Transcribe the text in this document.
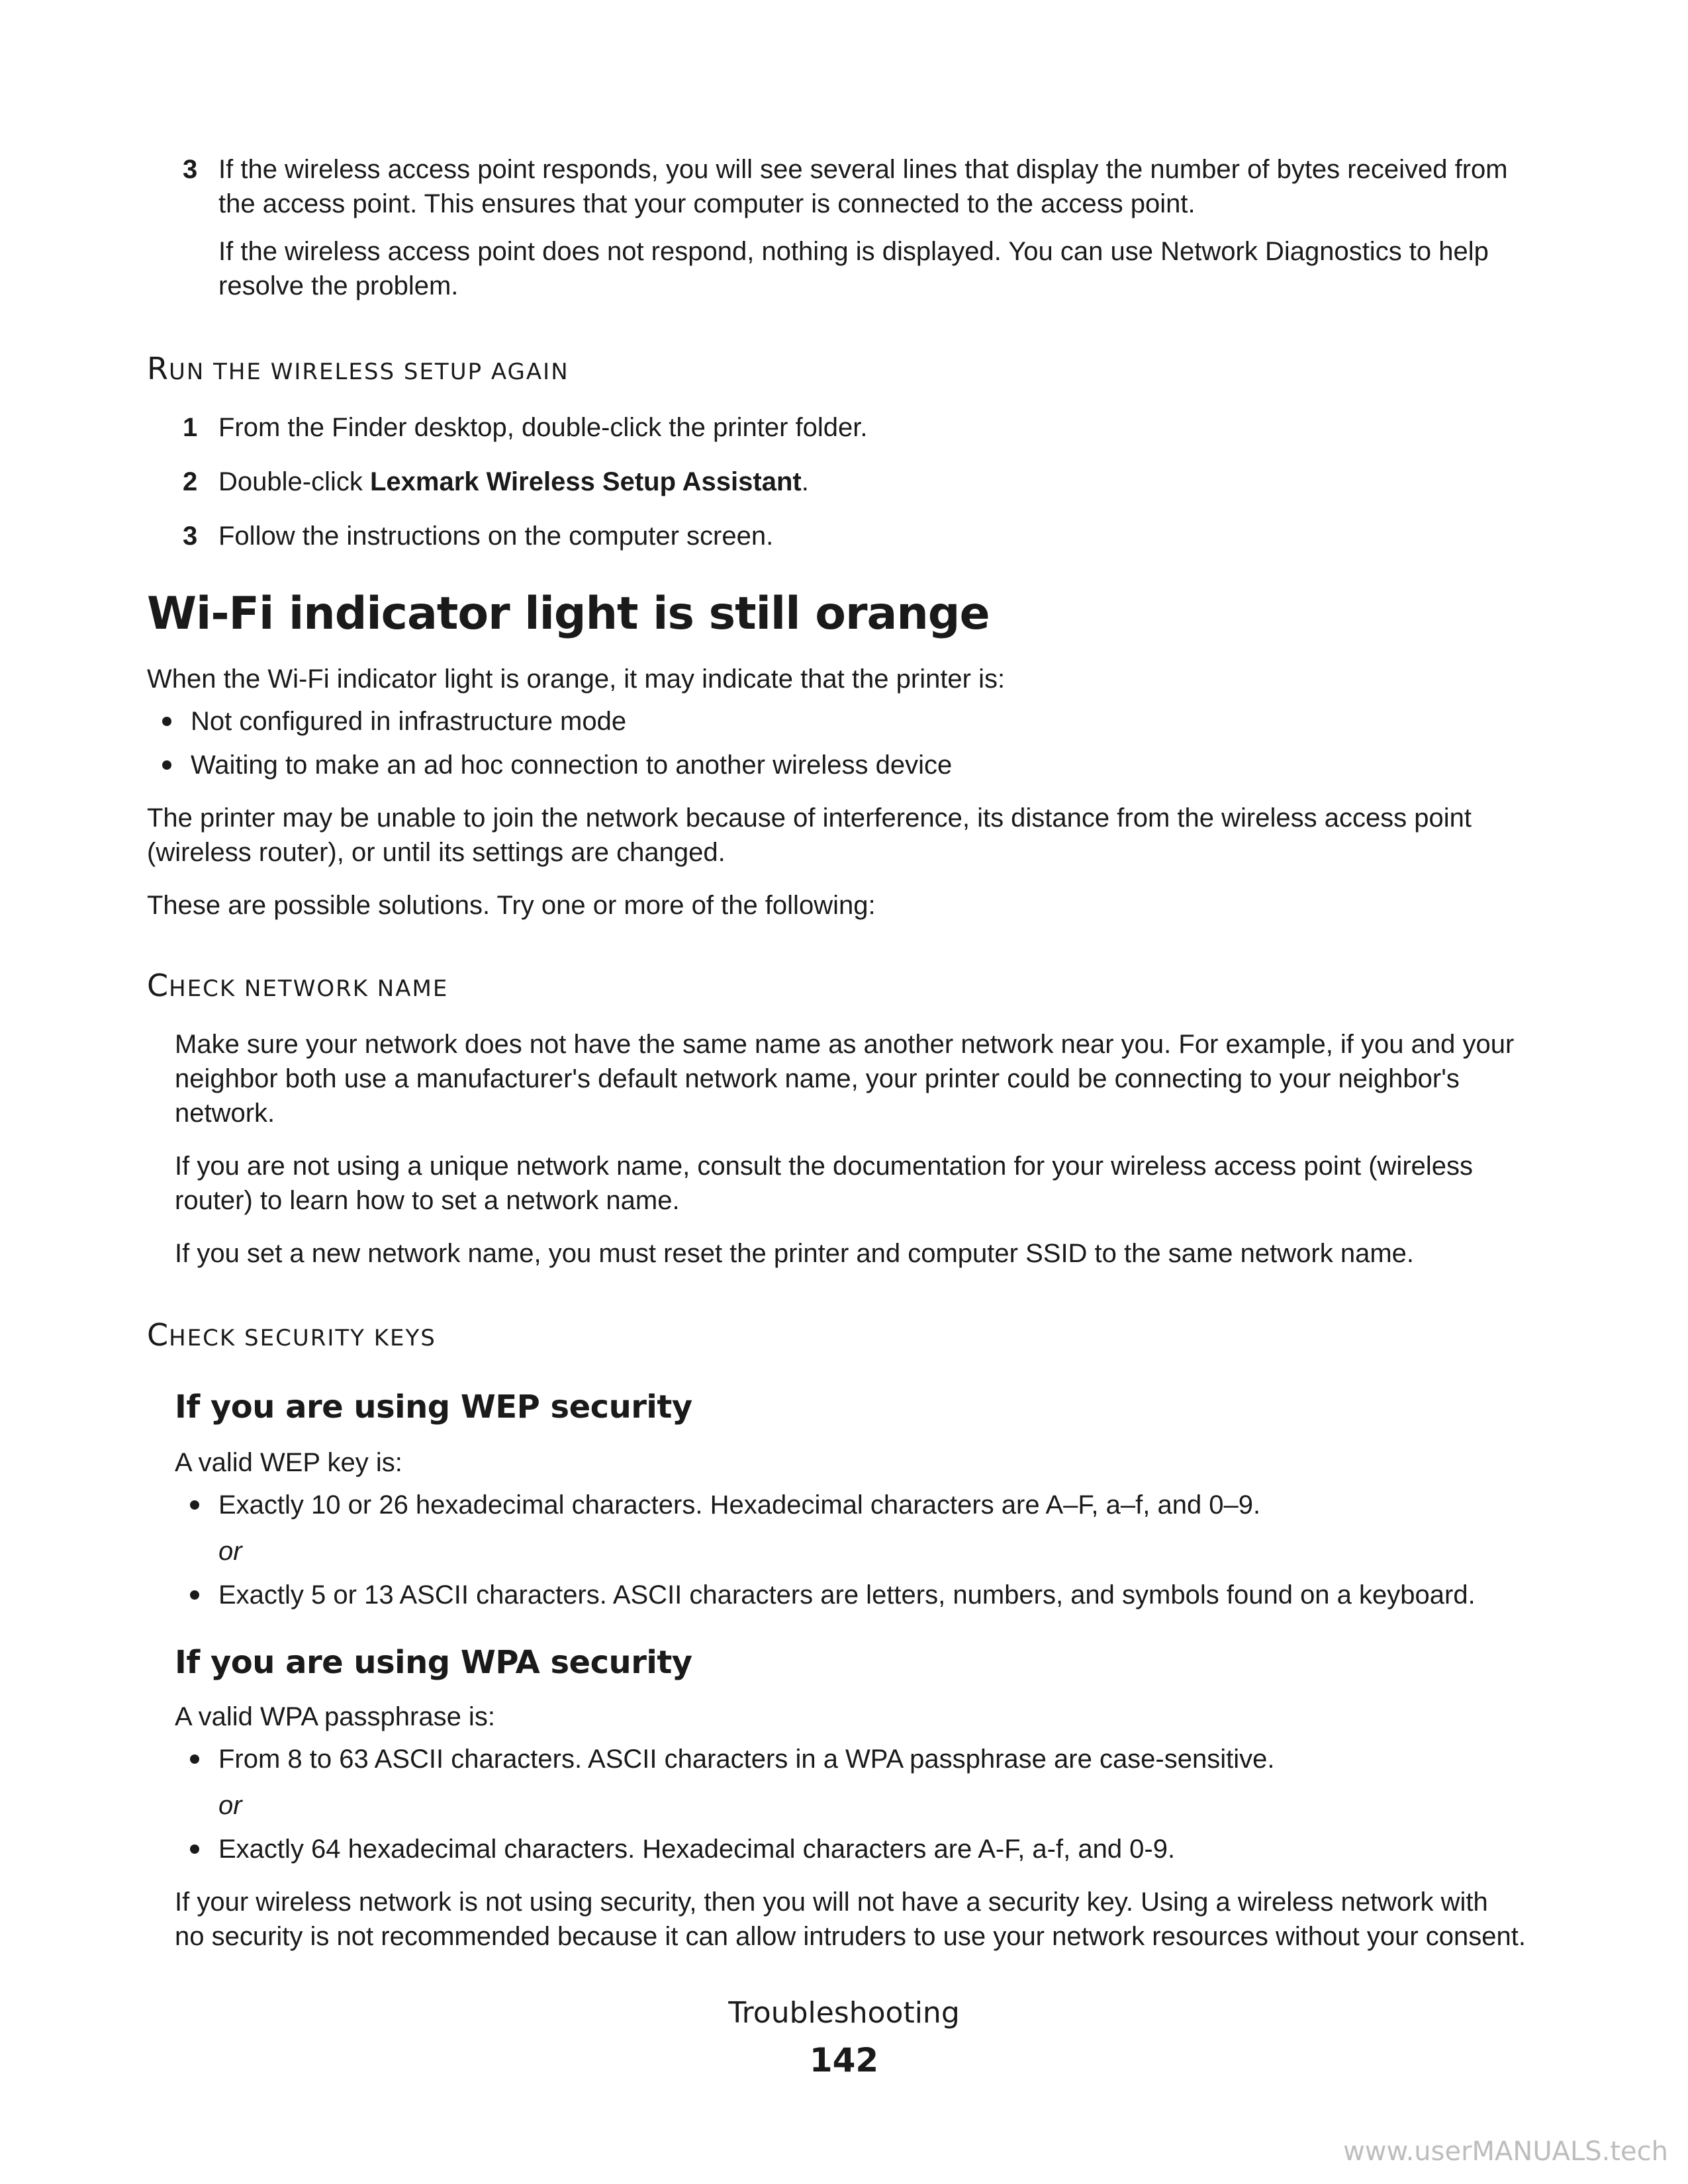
3 If the wireless access point responds, you will see several lines that display the number of bytes received from
the access point. This ensures that your computer is connected to the access point.
If the wireless access point does not respond, nothing is displayed. You can use Network Diagnostics to help
resolve the problem.
RUN THE WIRELESS SETUP AGAIN
1 From the Finder desktop, double-click the printer folder.
2 Double-click Lexmark Wireless Setup Assistant.
3 Follow the instructions on the computer screen.
Wi-Fi indicator light is still orange
When the Wi-Fi indicator light is orange, it may indicate that the printer is:
Not configured in infrastructure mode
Waiting to make an ad hoc connection to another wireless device
The printer may be unable to join the network because of interference, its distance from the wireless access point
(wireless router), or until its settings are changed.
These are possible solutions. Try one or more of the following:
CHECK NETWORK NAME
Make sure your network does not have the same name as another network near you. For example, if you and your
neighbor both use a manufacturer's default network name, your printer could be connecting to your neighbor's
network.
If you are not using a unique network name, consult the documentation for your wireless access point (wireless
router) to learn how to set a network name.
If you set a new network name, you must reset the printer and computer SSID to the same network name.
CHECK SECURITY KEYS
If you are using WEP security
A valid WEP key is:
Exactly 10 or 26 hexadecimal characters. Hexadecimal characters are A–F, a–f, and 0–9.
or
Exactly 5 or 13 ASCII characters. ASCII characters are letters, numbers, and symbols found on a keyboard.
If you are using WPA security
A valid WPA passphrase is:
From 8 to 63 ASCII characters. ASCII characters in a WPA passphrase are case-sensitive.
or
Exactly 64 hexadecimal characters. Hexadecimal characters are A-F, a-f, and 0-9.
If your wireless network is not using security, then you will not have a security key. Using a wireless network with
no security is not recommended because it can allow intruders to use your network resources without your consent.
Troubleshooting
142
www.userMANUALS.tech
